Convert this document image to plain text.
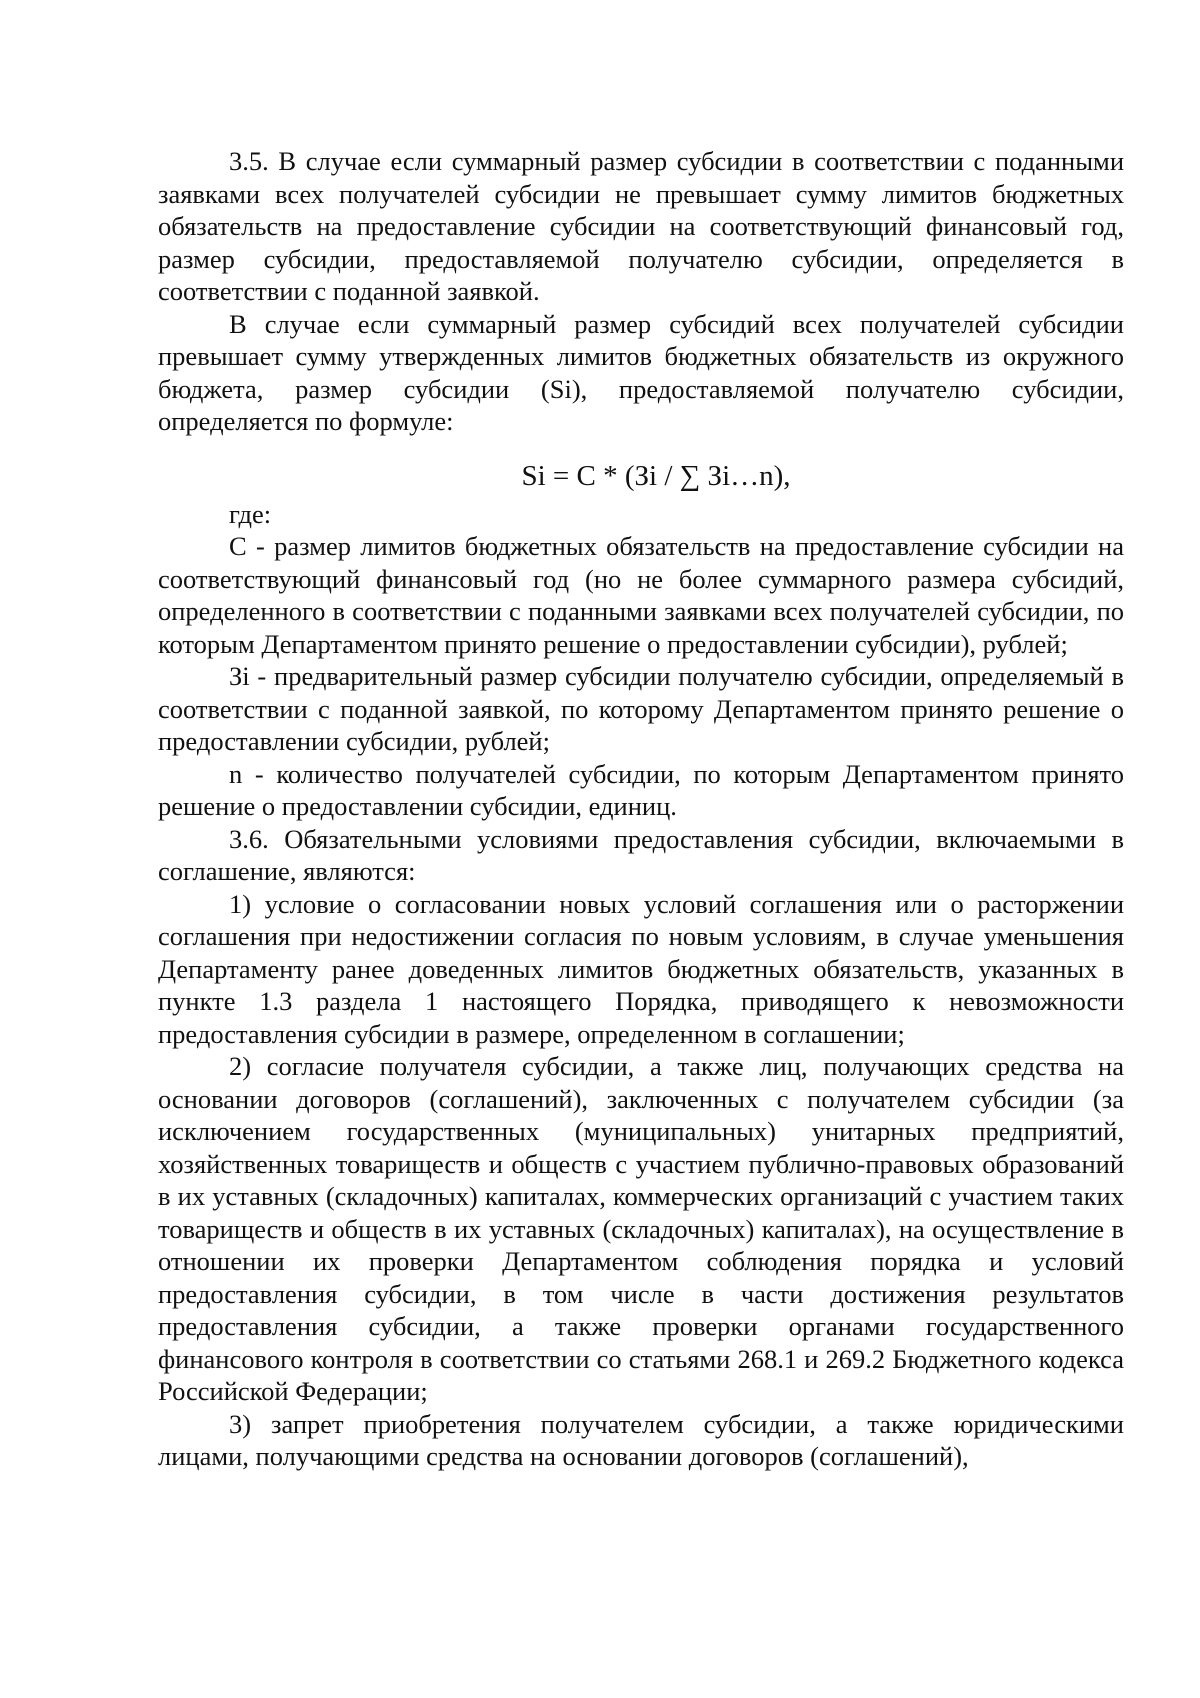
3.5. В случае если суммарный размер субсидии в соответствии с поданными заявками всех получателей субсидии не превышает сумму лимитов бюджетных обязательств на предоставление субсидии на соответствующий финансовый год, размер субсидии, предоставляемой получателю субсидии, определяется в соответствии с поданной заявкой.

В случае если суммарный размер субсидий всех получателей субсидии превышает сумму утвержденных лимитов бюджетных обязательств из окружного бюджета, размер субсидии (Si), предоставляемой получателю субсидии, определяется по формуле:

Si = C * (Зi / ∑ Зi…n),

где:

С - размер лимитов бюджетных обязательств на предоставление субсидии на соответствующий финансовый год (но не более суммарного размера субсидий, определенного в соответствии с поданными заявками всех получателей субсидии, по которым Департаментом принято решение о предоставлении субсидии), рублей;

Зi - предварительный размер субсидии получателю субсидии, определяемый в соответствии с поданной заявкой, по которому Департаментом принято решение о предоставлении субсидии, рублей;

n - количество получателей субсидии, по которым Департаментом принято решение о предоставлении субсидии, единиц.

3.6. Обязательными условиями предоставления субсидии, включаемыми в соглашение, являются:

1) условие о согласовании новых условий соглашения или о расторжении соглашения при недостижении согласия по новым условиям, в случае уменьшения Департаменту ранее доведенных лимитов бюджетных обязательств, указанных в пункте 1.3 раздела 1 настоящего Порядка, приводящего к невозможности предоставления субсидии в размере, определенном в соглашении;

2) согласие получателя субсидии, а также лиц, получающих средства на основании договоров (соглашений), заключенных с получателем субсидии (за исключением государственных (муниципальных) унитарных предприятий, хозяйственных товариществ и обществ с участием публично-правовых образований в их уставных (складочных) капиталах, коммерческих организаций с участием таких товариществ и обществ в их уставных (складочных) капиталах), на осуществление в отношении их проверки Департаментом соблюдения порядка и условий предоставления субсидии, в том числе в части достижения результатов предоставления субсидии, а также проверки органами государственного финансового контроля в соответствии со статьями 268.1 и 269.2 Бюджетного кодекса Российской Федерации;

3) запрет приобретения получателем субсидии, а также юридическими лицами, получающими средства на основании договоров (соглашений),
